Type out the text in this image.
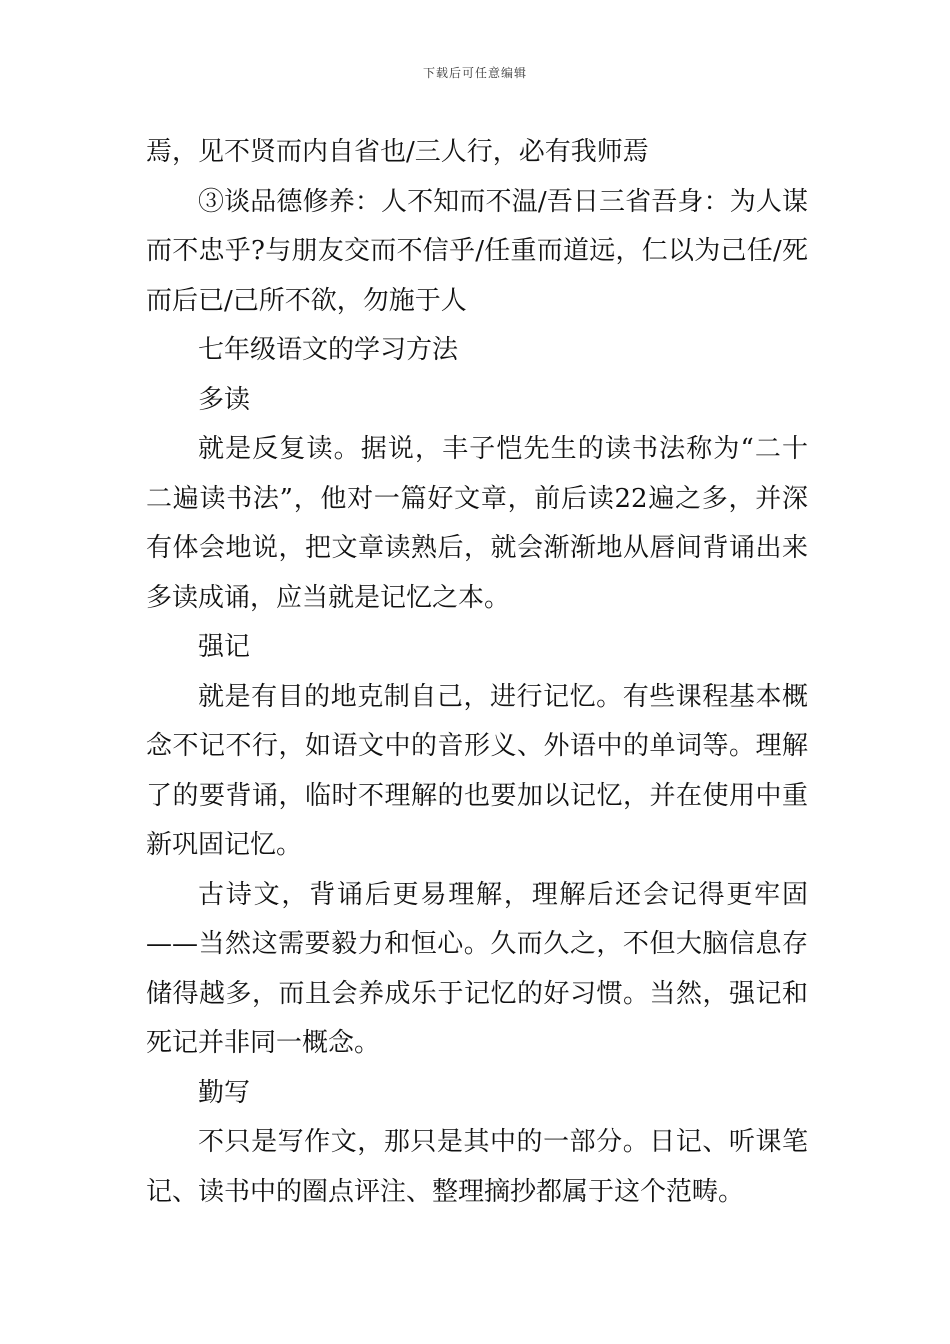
下载后可任意编辑

焉，见不贤而内自省也/三人行，必有我师焉

③谈品德修养：人不知而不温/吾日三省吾身：为人谋而不忠乎?与朋友交而不信乎/任重而道远，仁以为己任/死而后已/己所不欲，勿施于人

七年级语文的学习方法

多读

就是反复读。据说，丰子恺先生的读书法称为“二十二遍读书法”，他对一篇好文章，前后读22遍之多，并深有体会地说，把文章读熟后，就会渐渐地从唇间背诵出来多读成诵，应当就是记忆之本。

强记

就是有目的地克制自己，进行记忆。有些课程基本概念不记不行，如语文中的音形义、外语中的单词等。理解了的要背诵，临时不理解的也要加以记忆，并在使用中重新巩固记忆。

古诗文，背诵后更易理解，理解后还会记得更牢固——当然这需要毅力和恒心。久而久之，不但大脑信息存储得越多，而且会养成乐于记忆的好习惯。当然，强记和死记并非同一概念。

勤写

不只是写作文，那只是其中的一部分。日记、听课笔记、读书中的圈点评注、整理摘抄都属于这个范畴。
